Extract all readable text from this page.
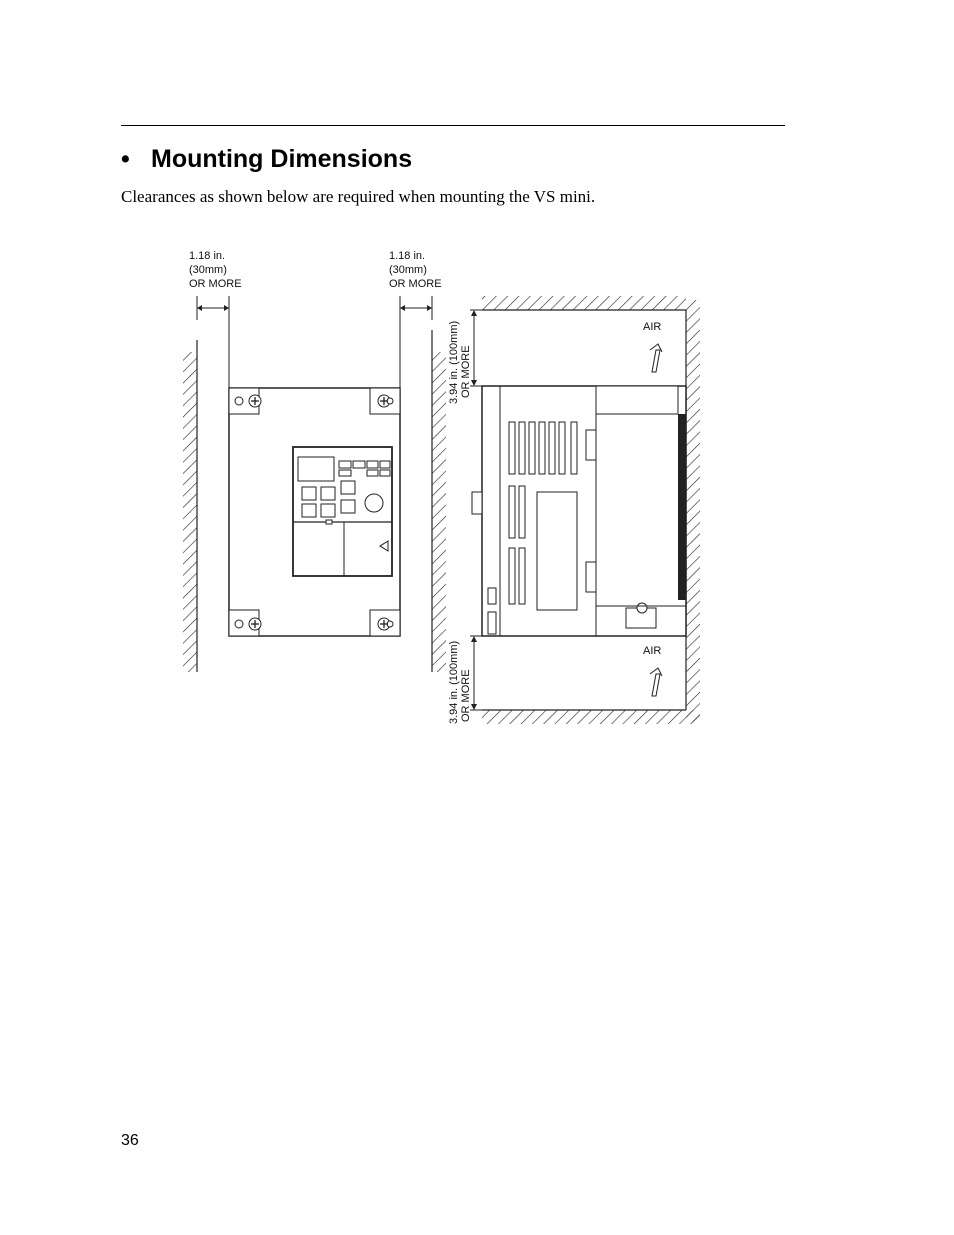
• Mounting Dimensions

Clearances as shown below are required when mounting the VS mini.

1.18 in.
(30mm)
OR MORE
1.18 in.
(30mm)
OR MORE
3.94 in. (100mm) OR MORE
3.94 in. (100mm) OR MORE
AIR
AIR
36
